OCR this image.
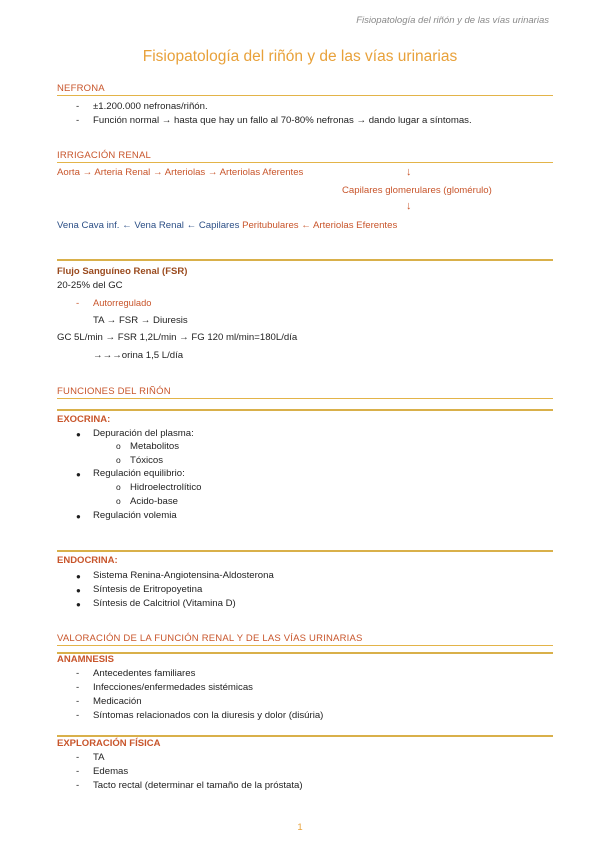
Fisiopatología del riñón y de las vías urinarias
Fisiopatología del riñón y de las vías urinarias
NEFRONA
- ±1.200.000 nefronas/riñón.
- Función normal → hasta que hay un fallo al 70-80% nefronas → dando lugar a síntomas.
IRRIGACIÓN RENAL
Aorta → Arteria Renal → Arteriolas → Arteriolas Aferentes	↓
Capilares glomerulares (glomérulo)
↓
Vena Cava inf. ← Vena Renal ← Capilares Peritubulares ← Arteriolas Eferentes
Flujo Sanguíneo Renal (FSR)
20-25% del GC
- Autorregulado
TA → FSR → Diuresis
GC 5L/min → FSR 1,2L/min → FG 120 ml/min=180L/día
→→→orina 1,5 L/día
FUNCIONES DEL RIÑÓN
EXOCRINA:
● Depuración del plasma:
o Metabolitos
o Tóxicos
● Regulación equilibrio:
o Hidroelectrolítico
o Acido-base
● Regulación volemia
ENDOCRINA:
● Sistema Renina-Angiotensina-Aldosterona
● Síntesis de Eritropoyetina
● Síntesis de Calcitriol (Vitamina D)
VALORACIÓN DE LA FUNCIÓN RENAL Y DE LAS VÍAS URINARIAS
ANAMNESIS
- Antecedentes familiares
- Infecciones/enfermedades sistémicas
- Medicación
- Síntomas relacionados con la diuresis y dolor (disúria)
EXPLORACIÓN FÍSICA
- TA
- Edemas
- Tacto rectal (determinar el tamaño de la próstata)
1
